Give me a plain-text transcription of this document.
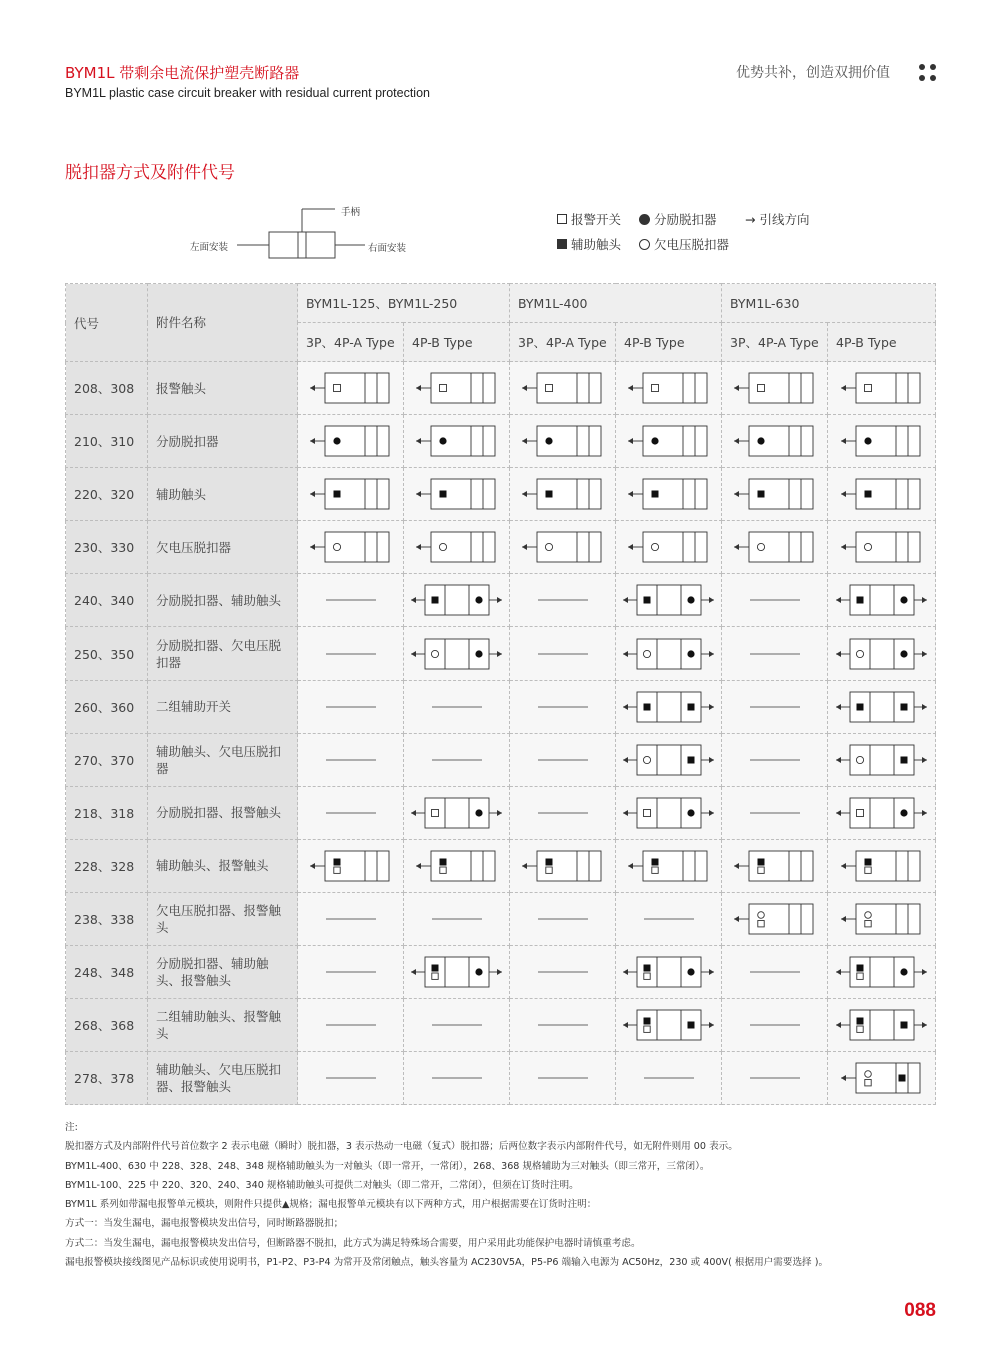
BYM1L 带剩余电流保护塑壳断路器
BYM1L plastic case circuit breaker with residual current protection
优势共补，创造双拥价值
脱扣器方式及附件代号
手柄
左面安装	右面安装
报警开关	分励脱扣器 → 引线方向
辅助触头	欠电压脱扣器
代号	附件名称	BYM1L-125、BYM1L-250		BYM1L-400		BYM1L-630	
		3P、4P-A Type	4P-B Type	3P、4P-A Type	4P-B Type	3P、4P-A Type	4P-B Type
208、308	报警触头	

210、310	分励脱扣器	

220、320	辅助触头	

230、330	欠电压脱扣器	

240、340	分励脱扣器、辅助触头	

250、350	分励脱扣器、欠电压脱扣器	

260、360	二组辅助开关	

270、370	辅助触头、欠电压脱扣器	

218、318	分励脱扣器、报警触头	

228、328	辅助触头、报警触头	

238、338	欠电压脱扣器、报警触头	

248、348	分励脱扣器、辅助触头、报警触头	

268、368	二组辅助触头、报警触头	

278、378	辅助触头、欠电压脱扣器、报警触头	

注:
脱扣器方式及内部附件代号首位数字 2 表示电磁（瞬时）脱扣器，3 表示热动一电磁（复式）脱扣器；后两位数字表示内部附件代号，如无附件则用 00 表示。
BYM1L-400、630 中 228、328、248、348 规格辅助触头为一对触头（即一常开，一常闭），268、368 规格辅助为三对触头（即三常开，三常闭）。
BYM1L-100、225 中 220、320、240、340 规格辅助触头可提供二对触头（即二常开，二常闭），但须在订货时注明。
BYM1L 系列如带漏电报警单元模块，则附件只提供▲规格；漏电报警单元模块有以下两种方式，用户根据需要在订货时注明：
方式一：当发生漏电，漏电报警模块发出信号，同时断路器脱扣；
方式二：当发生漏电，漏电报警模块发出信号，但断路器不脱扣，此方式为满足特殊场合需要，用户采用此功能保护电器时请慎重考虑。
漏电报警模块接线图见产品标识或使用说明书，P1-P2、P3-P4 为常开及常闭触点，触头容量为 AC230V5A，P5-P6 端输入电源为 AC50Hz，230 或 400V( 根据用户需要选择 )。
088
